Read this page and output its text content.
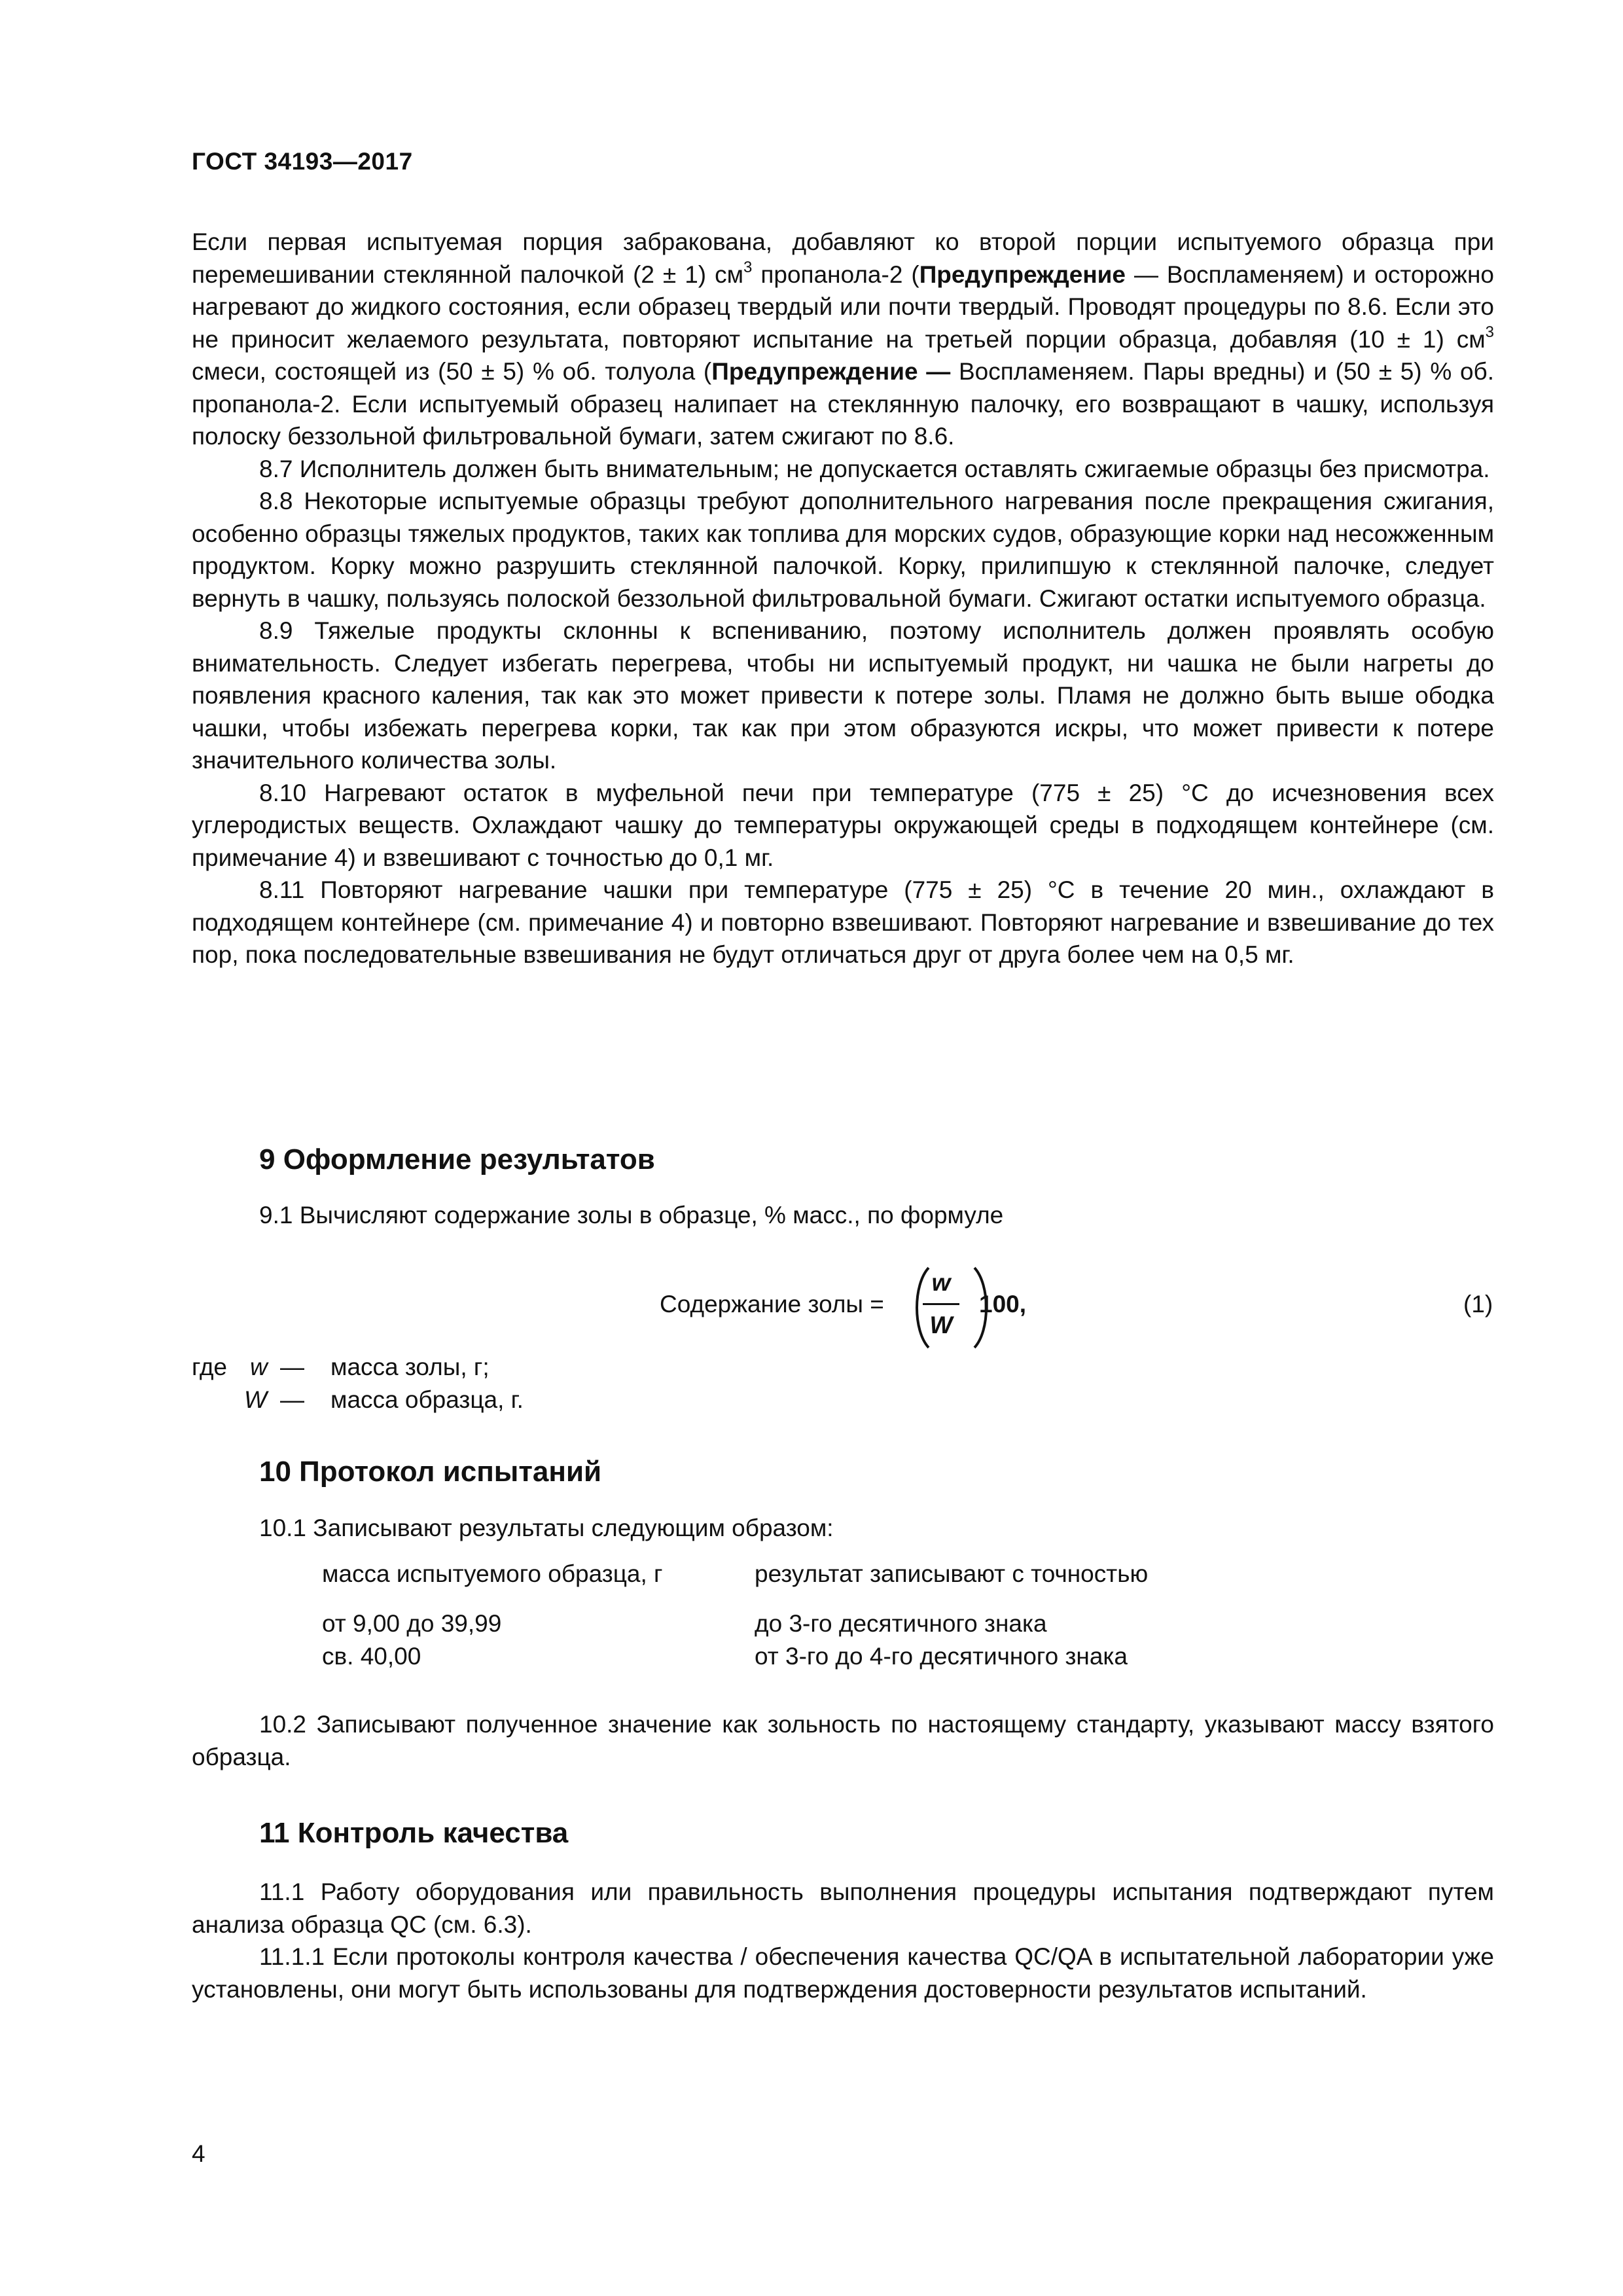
ГОСТ 34193—2017

Если первая испытуемая порция забракована, добавляют ко второй порции испытуемого образца при перемешивании стеклянной палочкой (2 ± 1) $см^3$ пропанола-2 (Предупреждение — Воспламеняем) и осторожно нагревают до жидкого состояния, если образец твердый или почти твердый. Проводят процедуры по 8.6. Если это не приносит желаемого результата, повторяют испытание на третьей порции образца, добавляя (10 ± 1) $см^3$ смеси, состоящей из (50 ± 5) % об. толуола (Предупреждение — Воспламеняем. Пары вредны) и (50 ± 5) % об. пропанола-2. Если испытуемый образец налипает на стеклянную палочку, его возвращают в чашку, используя полоску беззольной фильтровальной бумаги, затем сжигают по 8.6.

8.7 Исполнитель должен быть внимательным; не допускается оставлять сжигаемые образцы без присмотра.

8.8 Некоторые испытуемые образцы требуют дополнительного нагревания после прекращения сжигания, особенно образцы тяжелых продуктов, таких как топлива для морских судов, образующие корки над несожженным продуктом. Корку можно разрушить стеклянной палочкой. Корку, прилипшую к стеклянной палочке, следует вернуть в чашку, пользуясь полоской беззольной фильтровальной бумаги. Сжигают остатки испытуемого образца.

8.9 Тяжелые продукты склонны к вспениванию, поэтому исполнитель должен проявлять особую внимательность. Следует избегать перегрева, чтобы ни испытуемый продукт, ни чашка не были нагреты до появления красного каления, так как это может привести к потере золы. Пламя не должно быть выше ободка чашки, чтобы избежать перегрева корки, так как при этом образуются искры, что может привести к потере значительного количества золы.

8.10 Нагревают остаток в муфельной печи при температуре (775 ± 25) °С до исчезновения всех углеродистых веществ. Охлаждают чашку до температуры окружающей среды в подходящем контейнере (см. примечание 4) и взвешивают с точностью до 0,1 мг.

8.11 Повторяют нагревание чашки при температуре (775 ± 25) °С в течение 20 мин., охлаждают в подходящем контейнере (см. примечание 4) и повторно взвешивают. Повторяют нагревание и взвешивание до тех пор, пока последовательные взвешивания не будут отличаться друг от друга более чем на 0,5 мг.

9 Оформление результатов
9.1 Вычисляют содержание золы в образце, % масс., по формуле
Содержание золы =
w
W
100,	(1)
где w — масса золы, г;
W — масса образца, г.
10 Протокол испытаний
10.1 Записывают результаты следующим образом:
масса испытуемого образца, г	результат записывают с точностью
от 9,00 до 39,99	до 3-го десятичного знака
св. 40,00	от 3-го до 4-го десятичного знака

10.2 Записывают полученное значение как зольность по настоящему стандарту, указывают массу взятого образца.

11 Контроль качества

11.1 Работу оборудования или правильность выполнения процедуры испытания подтверждают путем анализа образца QC (см. 6.3).

11.1.1 Если протоколы контроля качества / обеспечения качества QC/QA в испытательной лаборатории уже установлены, они могут быть использованы для подтверждения достоверности результатов испытаний.

4
